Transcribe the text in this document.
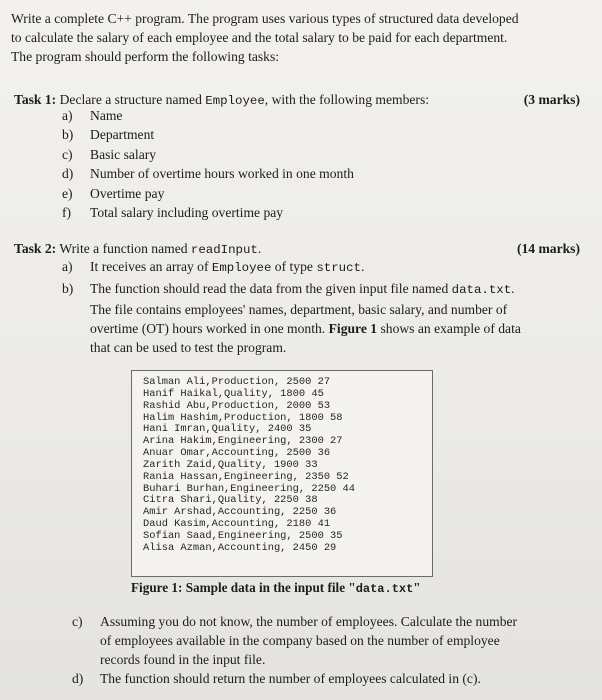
Write a complete C++ program. The program uses various types of structured data developed
to calculate the salary of each employee and the total salary to be paid for each department.
The program should perform the following tasks:
Task 1: Declare a structure named Employee, with the following members:	(3 marks)
a) Name
b) Department
c) Basic salary
d) Number of overtime hours worked in one month
e) Overtime pay
f) Total salary including overtime pay
Task 2: Write a function named readInput.	(14 marks)
a) It receives an array of Employee of type struct.
b) The function should read the data from the given input file named data.txt.
The file contains employees' names, department, basic salary, and number of
overtime (OT) hours worked in one month. Figure 1 shows an example of data
that can be used to test the program.
Salman Ali,Production, 2500 27
Hanif Haikal,Quality, 1800 45
Rashid Abu,Production, 2000 53
Halim Hashim,Production, 1800 58
Hani Imran,Quality, 2400 35
Arina Hakim,Engineering, 2300 27
Anuar Omar,Accounting, 2500 36
Zarith Zaid,Quality, 1900 33
Rania Hassan,Engineering, 2350 52
Buhari Burhan,Engineering, 2250 44
Citra Shari,Quality, 2250 38
Amir Arshad,Accounting, 2250 36
Daud Kasim,Accounting, 2180 41
Sofian Saad,Engineering, 2500 35
Alisa Azman,Accounting, 2450 29
Figure 1: Sample data in the input file "data.txt"
c) Assuming you do not know, the number of employees. Calculate the number
of employees available in the company based on the number of employee
records found in the input file.
d) The function should return the number of employees calculated in (c).
